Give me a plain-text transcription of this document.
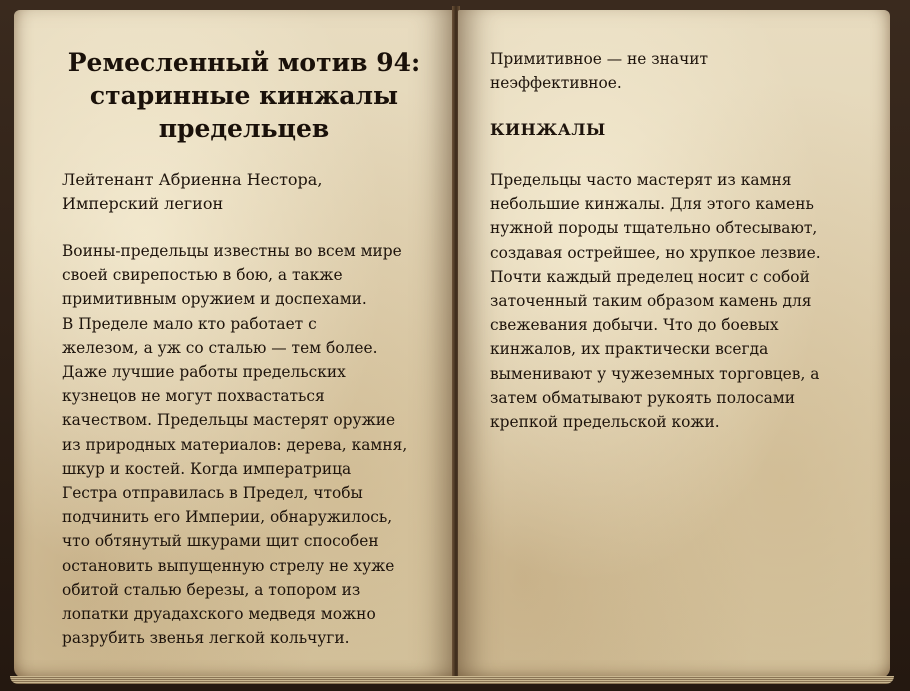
Ремесленный мотив 94:
старинные кинжалы
предельцев

Лейтенант Абриенна Нестора,
Имперский легион

Воины-предельцы известны во всем мире
своей свирепостью в бою, а также
примитивным оружием и доспехами.
В Пределе мало кто работает с
железом, а уж со сталью — тем более.
Даже лучшие работы предельских
кузнецов не могут похвастаться
качеством. Предельцы мастерят оружие
из природных материалов: дерева, камня,
шкур и костей. Когда императрица
Гестра отправилась в Предел, чтобы
подчинить его Империи, обнаружилось,
что обтянутый шкурами щит способен
остановить выпущенную стрелу не хуже
обитой сталью березы, а топором из
лопатки друадахского медведя можно
разрубить звенья легкой кольчуги.

Примитивное — не значит
неэффективное.

КИНЖАЛЫ

Предельцы часто мастерят из камня
небольшие кинжалы. Для этого камень
нужной породы тщательно обтесывают,
создавая острейшее, но хрупкое лезвие.
Почти каждый пределец носит с собой
заточенный таким образом камень для
свежевания добычи. Что до боевых
кинжалов, их практически всегда
выменивают у чужеземных торговцев, а
затем обматывают рукоять полосами
крепкой предельской кожи.
